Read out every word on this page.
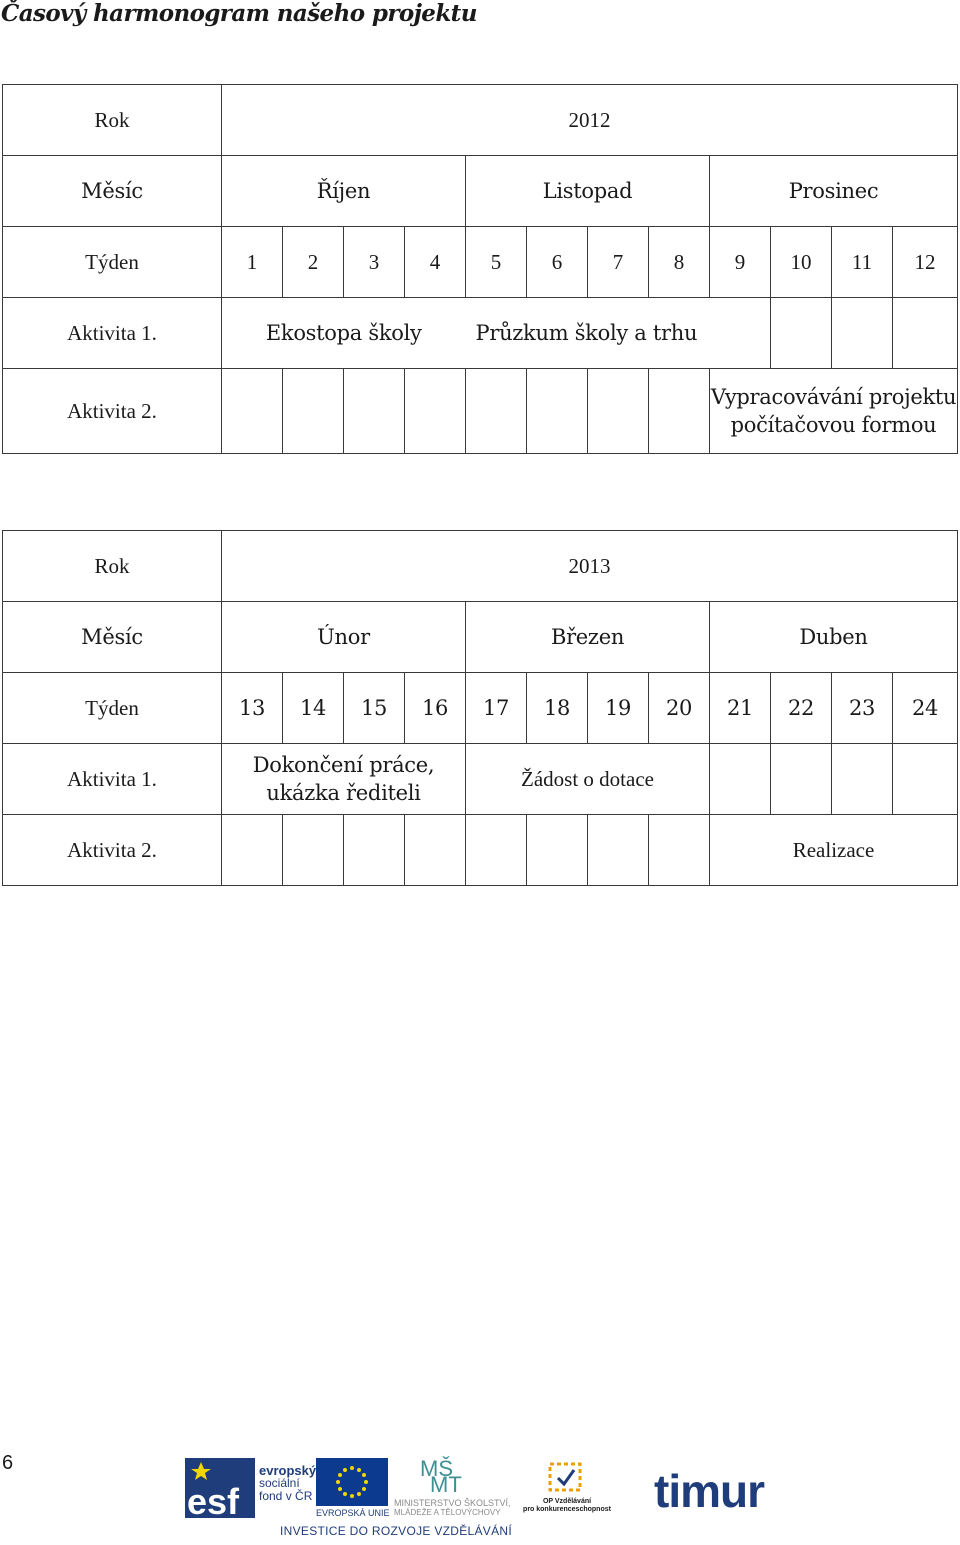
Časový harmonogram našeho projektu
Rok	2012											
Měsíc	Říjen				Listopad				Prosinec			
Týden	1	2	3	4	5	6	7	8	9	10	11	12
Aktivita 1.	Ekostopa školy				Průzkum školy a trhu							
Aktivita 2.									Vypracovávání projektu počítačovou formou			
Rok	2013											
Měsíc	Únor				Březen				Duben			
Týden	13	14	15	16	17	18	19	20	21	22	23	24
Aktivita 1.	Dokončení práce, ukázka řediteli				Žádost o dotace							
Aktivita 2.									Realizace			
6
esf
evropský
sociální
fond v ČR
EVROPSKÁ UNIE
MŠ
MT
MINISTERSTVO ŠKOLSTVÍ,
MLÁDEŽE A TĚLOVÝCHOVY
OP Vzdělávání
pro konkurenceschopnost
INVESTICE DO ROZVOJE VZDĚLÁVÁNÍ
timur
